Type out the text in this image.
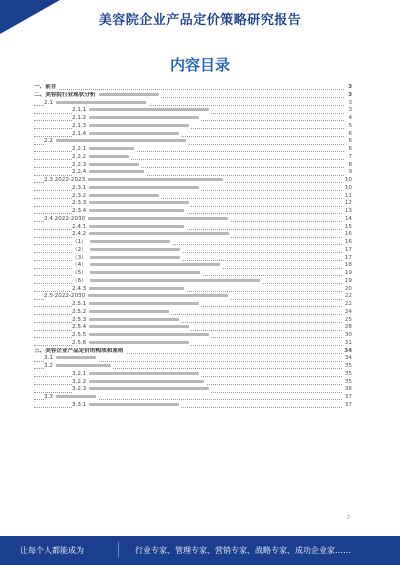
美容院企业产品定价策略研究报告
内容目录
一、前言	3
二、美容院行业现状分析	3
2.1	3
2.1.1	3
2.1.2	4
2.1.3	5
2.1.4	6
2.2	6
2.2.1	6
2.2.2	7
2.2.3	8
2.2.4	9
2.3 2022-2023	10
2.3.1	10
2.3.2	11
2.3.3	12
2.3.4	13
2.4 2022-2030	14
2.4.1	15
2.4.2	16
（1）	16
（2）	17
（3）	17
（4）	18
（5）	19
（6）	19
2.4.3	20
2.5 2022-2030	22
2.5.1	22
2.5.2	24
2.5.3	25
2.5.4	28
2.5.5	30
2.5.6	31
三、美容企业产品定价的构成和原则	34
3.1	34
3.2	35
3.2.1	35
3.2.2	35
3.2.3	36
3.3	37
3.3.1	37
2
让每个人都能成为	行业专家、管理专家、营销专家、战略专家、成功企业家……
